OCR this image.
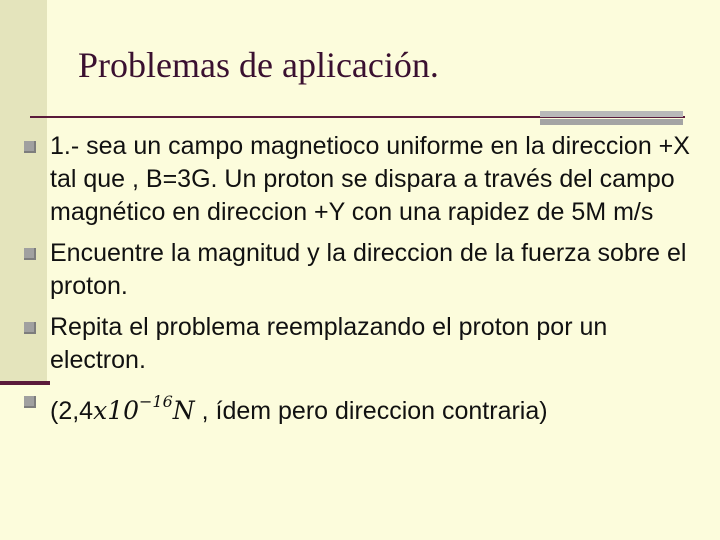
Problemas de aplicación.
1.- sea un campo magnetioco uniforme en la direccion +X tal que , B=3G. Un proton se dispara a través del campo magnético en direccion +Y con una rapidez de 5M m/s
Encuentre la magnitud y la direccion de la fuerza sobre el proton.
Repita el problema reemplazando el proton por un electron.
($2,4x10^{-16}N$ , ídem pero direccion contraria)
